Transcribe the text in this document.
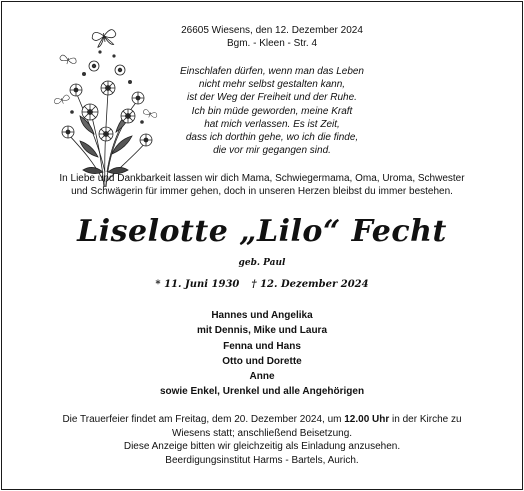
26605 Wiesens, den 12. Dezember 2024
Bgm. - Kleen - Str. 4
Einschlafen dürfen, wenn man das Leben
nicht mehr selbst gestalten kann,
ist der Weg der Freiheit und der Ruhe.
Ich bin müde geworden, meine Kraft
hat mich verlassen. Es ist Zeit,
dass ich dorthin gehe, wo ich die finde,
die vor mir gegangen sind.
In Liebe und Dankbarkeit lassen wir dich Mama, Schwiegermama, Oma, Uroma, Schwester
und Schwägerin für immer gehen, doch in unseren Herzen bleibst du immer bestehen.
Liselotte „Lilo“ Fecht
geb. Paul
* 11. Juni 1930 † 12. Dezember 2024
Hannes und Angelika
mit Dennis, Mike und Laura
Fenna und Hans
Otto und Dorette
Anne
sowie Enkel, Urenkel und alle Angehörigen
Die Trauerfeier findet am Freitag, dem 20. Dezember 2024, um 12.00 Uhr in der Kirche zu
Wiesens statt; anschließend Beisetzung.
Diese Anzeige bitten wir gleichzeitig als Einladung anzusehen.
Beerdigungsinstitut Harms - Bartels, Aurich.
